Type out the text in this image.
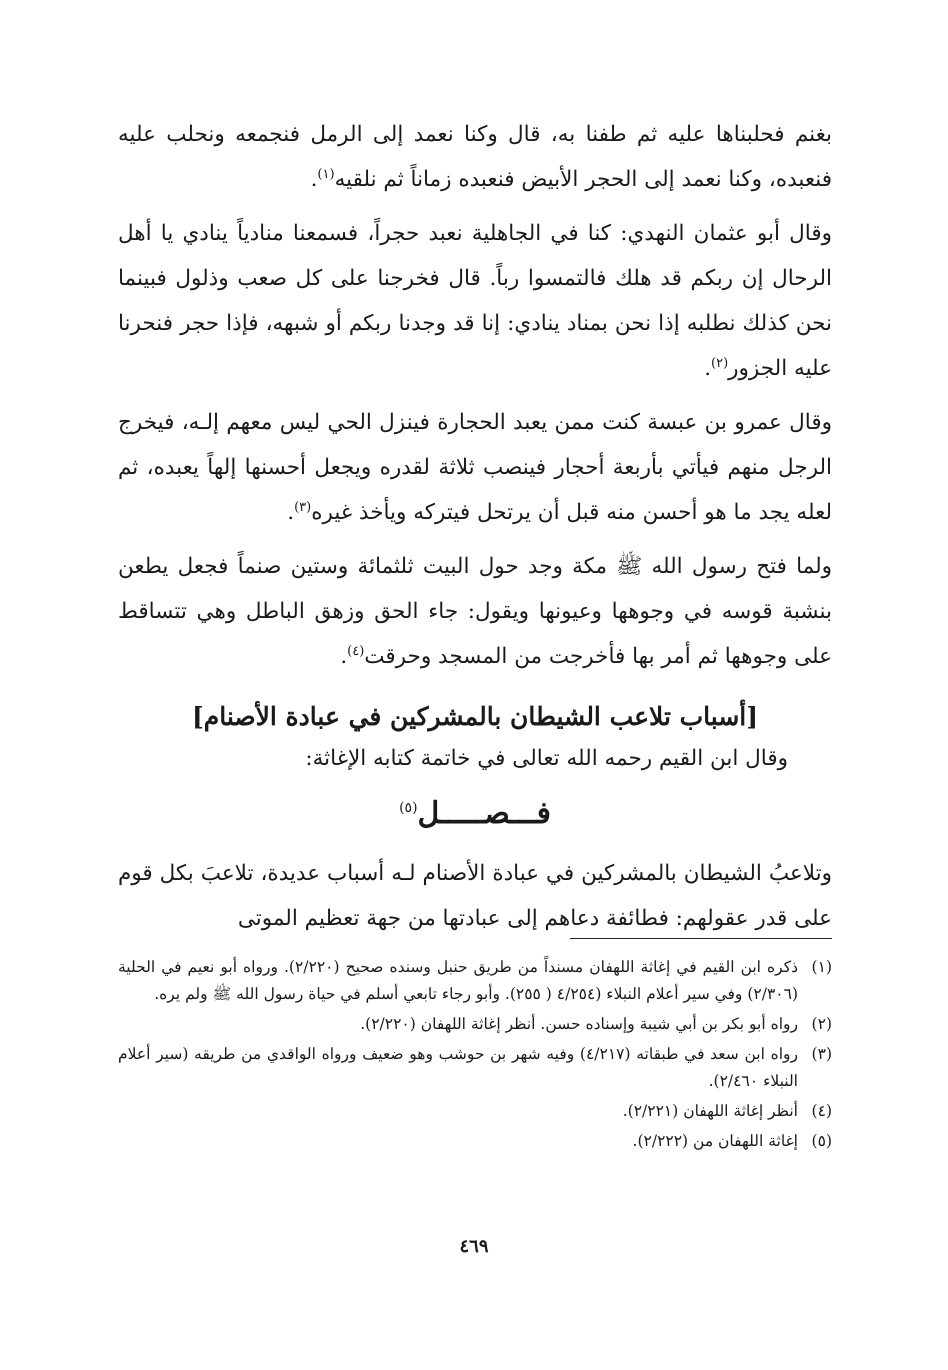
بغنم فحلبناها عليه ثم طفنا به، قال وكنا نعمد إلى الرمل فنجمعه ونحلب عليه فنعبده، وكنا نعمد إلى الحجر الأبيض فنعبده زماناً ثم نلقيه$^{(١)}$.

وقال أبو عثمان النهدي: كنا في الجاهلية نعبد حجراً، فسمعنا منادياً ينادي يا أهل الرحال إن ربكم قد هلك فالتمسوا رباً. قال فخرجنا على كل صعب وذلول فبينما نحن كذلك نطلبه إذا نحن بمناد ينادي: إنا قد وجدنا ربكم أو شبهه، فإذا حجر فنحرنا عليه الجزور$^{(٢)}$.

وقال عمرو بن عبسة كنت ممن يعبد الحجارة فينزل الحي ليس معهم إلـه، فيخرج الرجل منهم فيأتي بأربعة أحجار فينصب ثلاثة لقدره ويجعل أحسنها إلهاً يعبده، ثم لعله يجد ما هو أحسن منه قبل أن يرتحل فيتركه ويأخذ غيره$^{(٣)}$.

ولما فتح رسول الله ﷺ مكة وجد حول البيت ثلثمائة وستين صنماً فجعل يطعن بنشبة قوسه في وجوهها وعيونها ويقول: جاء الحق وزهق الباطل وهي تتساقط على وجوهها ثم أمر بها فأخرجت من المسجد وحرقت$^{(٤)}$.

[أسباب تلاعب الشيطان بالمشركين في عبادة الأصنام]

وقال ابن القيم رحمه الله تعالى في خاتمة كتابه الإغاثة:

فـــصـــــل$^{(٥)}$

وتلاعبُ الشيطان بالمشركين في عبادة الأصنام لـه أسباب عديدة، تلاعبَ بكل قوم على قدر عقولهم: فطائفة دعاهم إلى عبادتها من جهة تعظيم الموتى

(١)
ذكره ابن القيم في إغاثة اللهفان مسنداً من طريق حنبل وسنده صحيح (٢/٢٢٠). ورواه أبو نعيم في الحلية (٢/٣٠٦) وفي سير أعلام النبلاء (٤/٢٥٤ ( ٢٥٥). وأبو رجاء تابعي أسلم في حياة رسول الله ﷺ ولم يره.
(٢)
رواه أبو بكر بن أبي شيبة وإسناده حسن. أنظر إغاثة اللهفان (٢/٢٢٠).
(٣)
رواه ابن سعد في طبقاته (٤/٢١٧) وفيه شهر بن حوشب وهو ضعيف ورواه الواقدي من طريقه (سير أعلام النبلاء ٢/٤٦٠).
(٤)
أنظر إغاثة اللهفان (٢/٢٢١).
(٥)
إغاثة اللهفان من (٢/٢٢٢).
٤٦٩
